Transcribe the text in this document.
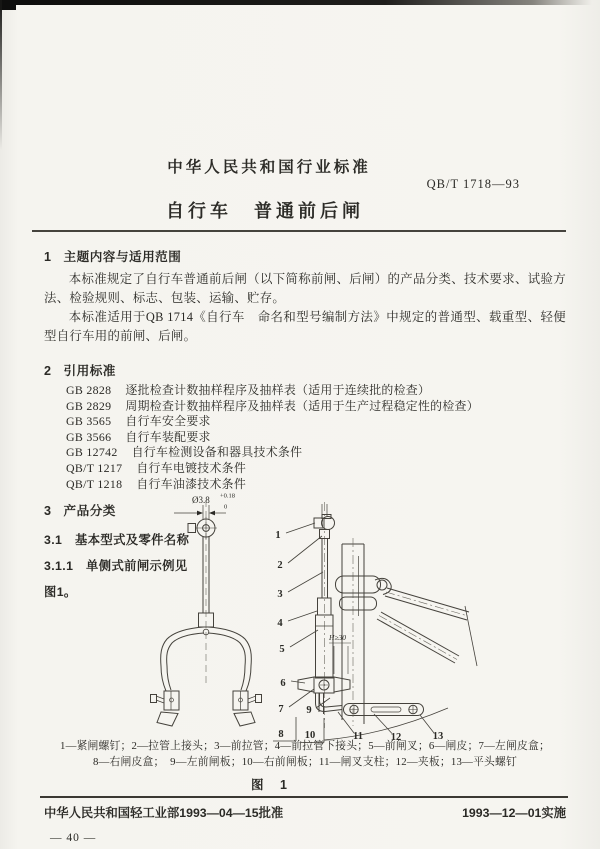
中华人民共和国行业标准
QB/T 1718—93
自行车　普通前后闸
1 主题内容与适用范围

本标准规定了自行车普通前后闸（以下简称前闸、后闸）的产品分类、技术要求、试验方法、检验规则、标志、包装、运输、贮存。

本标准适用于QB 1714《自行车　命名和型号编制方法》中规定的普通型、载重型、轻便型自行车用的前闸、后闸。

2 引用标准
GB 2828 逐批检查计数抽样程序及抽样表（适用于连续批的检查）
GB 2829 周期检查计数抽样程序及抽样表（适用于生产过程稳定性的检查）
GB 3565 自行车安全要求
GB 3566 自行车装配要求
GB 12742 自行车检测设备和器具技术条件
QB/T 1217 自行车电镀技术条件
QB/T 1218 自行车油漆技术条件
3 产品分类
3.1　基本型式及零件名称
3.1.1　单侧式前闸示例见
图1。
Ø3.8 +0.18
0
H≥30
1
2
3
4
5
6
7
8
9
10	11	12	13
1—紧闸螺钉；2—拉管上接头；3—前拉管；4—前拉管下接头；5—前闸叉；6—闸皮；7—左闸皮盒；
8—右闸皮盒；　9—左前闸板；10—右前闸板；11—闸叉支柱；12—夹板；13—平头螺钉
图　1
中华人民共和国轻工业部1993—04—15批准	1993—12—01实施
— 40 —
